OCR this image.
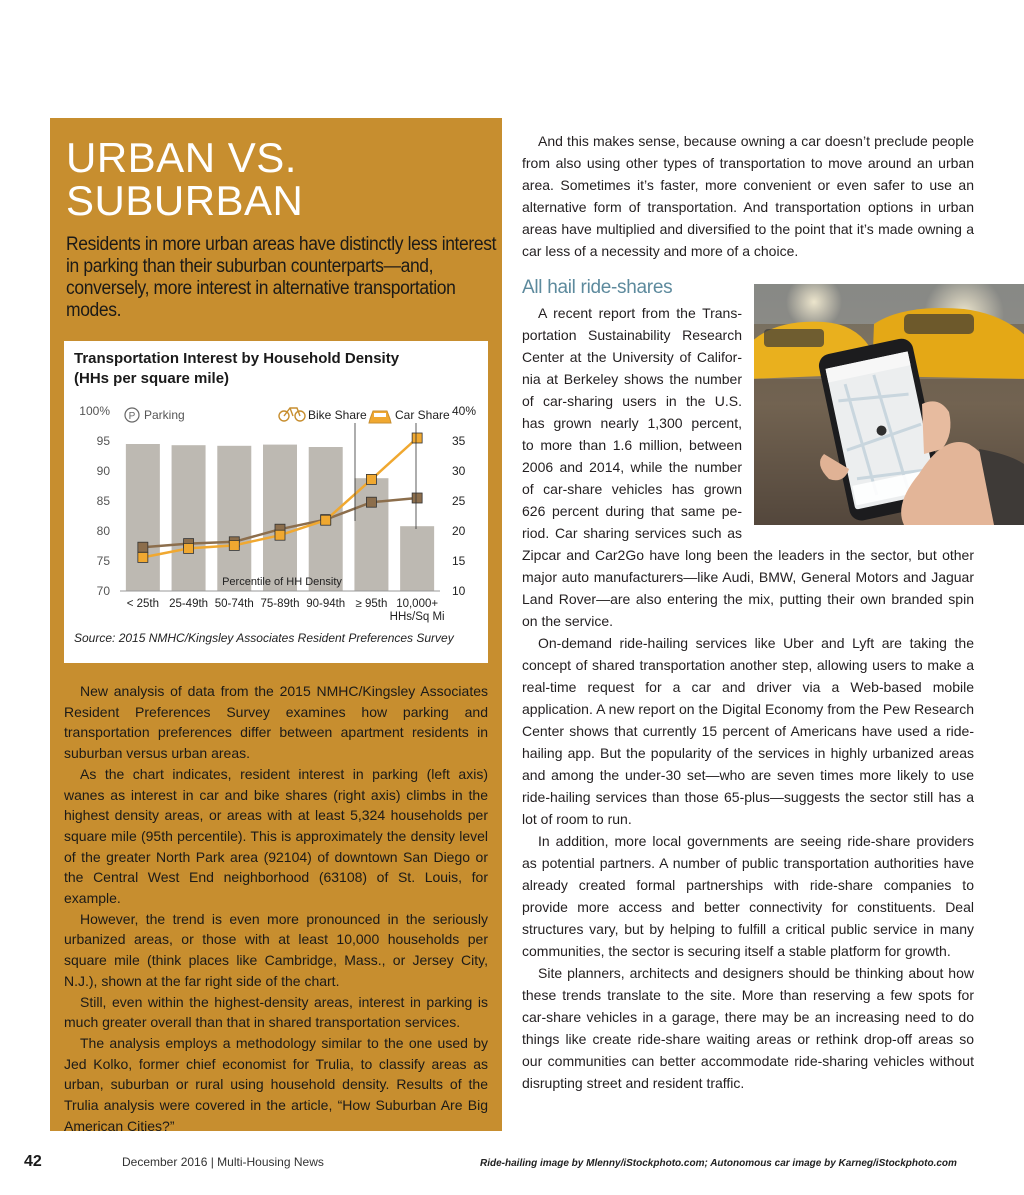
URBAN VS.
SUBURBAN
Residents in more urban areas have distinctly less interest in parking than their suburban counterparts—and, conversely, more interest in alternative transportation modes.
Transportation Interest by Household Density
(HHs per square mile)
100%
95
90
85
80
75
70
40%
35
30
25
20
15
10
Percentile of HH Density
< 25th 25-49th 50-74th 75-89th 90-94th ≥ 95th 10,000+
HHs/Sq Mi
P Parking	Bike Share Car Share
Source: 2015 NMHC/Kingsley Associates Resident Preferences Survey

New analysis of data from the 2015 NMHC/Kingsley Associates Resident Preferences Survey examines how parking and transportation preferences differ between apartment residents in suburban versus urban areas.

As the chart indicates, resident interest in parking (left axis) wanes as interest in car and bike shares (right axis) climbs in the highest density areas, or areas with at least 5,324 households per square mile (95th percentile). This is approximately the density level of the greater North Park area (92104) of downtown San Diego or the Central West End neighborhood (63108) of St. Louis, for example.

However, the trend is even more pronounced in the seriously urbanized areas, or those with at least 10,000 households per square mile (think places like Cambridge, Mass., or Jersey City, N.J.), shown at the far right side of the chart.

Still, even within the highest-density areas, interest in parking is much greater overall than that in shared transportation services.

The analysis employs a methodology similar to the one used by Jed Kolko, former chief economist for Trulia, to classify areas as urban, suburban or rural using household density. Results of the Trulia analysis were covered in the article, “How Suburban Are Big American Cities?”

And this makes sense, because owning a car doesn’t preclude people from also using other types of transportation to move around an urban area. Sometimes it’s faster, more convenient or even safer to use an alternative form of transportation. And transportation options in urban areas have multiplied and diversified to the point that it’s made owning a car less of a necessity and more of a choice.

All hail ride-shares
A recent report from the Trans-
portation Sustainability Research
Center at the University of Califor-
nia at Berkeley shows the number
of car-sharing users in the U.S.
has grown nearly 1,300 percent,
to more than 1.6 million, between
2006 and 2014, while the number
of car-share vehicles has grown
626 percent during that same pe-
riod. Car sharing services such as

Zipcar and Car2Go have long been the leaders in the sector, but other major auto manufacturers—like Audi, BMW, General Motors and Jaguar Land Rover—are also entering the mix, putting their own branded spin on the service.

On-demand ride-hailing services like Uber and Lyft are taking the concept of shared transportation another step, allowing users to make a real-time request for a car and driver via a Web-based mobile application. A new report on the Digital Economy from the Pew Research Center shows that currently 15 percent of Americans have used a ride-hailing app. But the popularity of the services in highly urbanized areas and among the under-30 set—who are seven times more likely to use ride-hailing services than those 65-plus—suggests the sector still has a lot of room to run.

In addition, more local governments are seeing ride-share providers as potential partners. A number of public transportation authorities have already created formal partnerships with ride-share companies to provide more access and better connectivity for constituents. Deal structures vary, but by helping to fulfill a critical public service in many communities, the sector is securing itself a stable platform for growth.

Site planners, architects and designers should be thinking about how these trends translate to the site. More than reserving a few spots for car-share vehicles in a garage, there may be an increasing need to do things like create ride-share waiting areas or rethink drop-off areas so our communities can better accommodate ride-sharing vehicles without disrupting street and resident traffic.

42	December 2016 | Multi-Housing News	Ride-hailing image by Mlenny/iStockphoto.com; Autonomous car image by Karneg/iStockphoto.com
